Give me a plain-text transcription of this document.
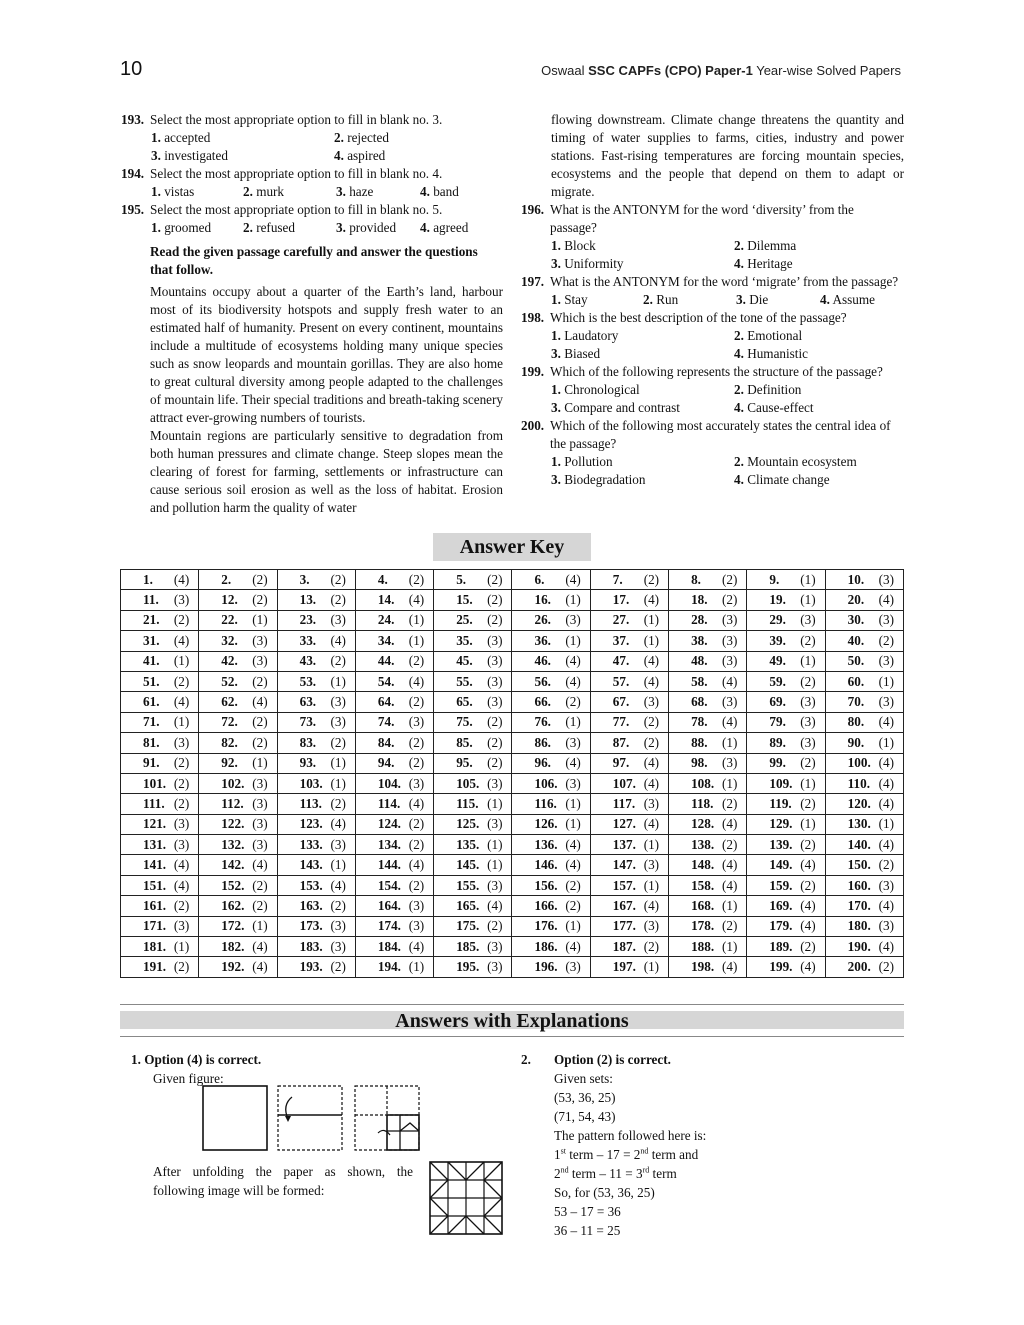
10	Oswaal SSC CAPFs (CPO) Paper-1 Year-wise Solved Papers
193. Select the most appropriate option to fill in blank no. 3.
1. accepted	2. rejected
3. investigated	4. aspired
194. Select the most appropriate option to fill in blank no. 4.
1. vistas	2. murk	3. haze	4. band
195. Select the most appropriate option to fill in blank no. 5.
1. groomed	2. refused	3. provided	4. agreed
Read the given passage carefully and answer the questions that follow.

Mountains occupy about a quarter of the Earth’s land, harbour most of its biodiversity hotspots and supply fresh water to an estimated half of humanity. Present on every continent, mountains include a multitude of ecosystems holding many unique species such as snow leopards and mountain gorillas. They are also home to great cultural diversity among people adapted to the challenges of mountain life. Their special traditions and breath-taking scenery attract ever-growing numbers of tourists.

Mountain regions are particularly sensitive to degradation from both human pressures and climate change. Steep slopes mean the clearing of forest for farming, settlements or infrastructure can cause serious soil erosion as well as the loss of habitat. Erosion and pollution harm the quality of water

flowing downstream. Climate change threatens the quantity and timing of water supplies to farms, cities, industry and power stations. Fast-rising temperatures are forcing mountain species, ecosystems and the people that depend on them to adapt or migrate.

196. What is the ANTONYM for the word ‘diversity’ from the passage?
1. Block	2. Dilemma
3. Uniformity	4. Heritage
197. What is the ANTONYM for the word ‘migrate’ from the passage?
1. Stay	2. Run	3. Die	4. Assume
198. Which is the best description of the tone of the passage?
1. Laudatory	2. Emotional
3. Biased	4. Humanistic
199. Which of the following represents the structure of the passage?
1. Chronological	2. Definition
3. Compare and contrast	4. Cause-effect
200. Which of the following most accurately states the central idea of the passage?
1. Pollution	2. Mountain ecosystem
3. Biodegradation	4. Climate change
Answer Key
1. (4)	2. (2)	3. (2)	4. (2)	5. (2)	6. (4)	7. (2)	8. (2)	9. (1)	10. (3)

11. (3)	12. (2)	13. (2)	14. (4)	15. (2)	16. (1)	17. (4)	18. (2)	19. (1)	20. (4)

21. (2)	22. (1)	23. (3)	24. (1)	25. (2)	26. (3)	27. (1)	28. (3)	29. (3)	30. (3)

31. (4)	32. (3)	33. (4)	34. (1)	35. (3)	36. (1)	37. (1)	38. (3)	39. (2)	40. (2)

41. (1)	42. (3)	43. (2)	44. (2)	45. (3)	46. (4)	47. (4)	48. (3)	49. (1)	50. (3)

51. (2)	52. (2)	53. (1)	54. (4)	55. (3)	56. (4)	57. (4)	58. (4)	59. (2)	60. (1)

61. (4)	62. (4)	63. (3)	64. (2)	65. (3)	66. (2)	67. (3)	68. (3)	69. (3)	70. (3)

71. (1)	72. (2)	73. (3)	74. (3)	75. (2)	76. (1)	77. (2)	78. (4)	79. (3)	80. (4)

81. (3)	82. (2)	83. (2)	84. (2)	85. (2)	86. (3)	87. (2)	88. (1)	89. (3)	90. (1)

91. (2)	92. (1)	93. (1)	94. (2)	95. (2)	96. (4)	97. (4)	98. (3)	99. (2)	100. (4)

101. (2)	102. (3)	103. (1)	104. (3)	105. (3)	106. (3)	107. (4)	108. (1)	109. (1)	110. (4)

111. (2)	112. (3)	113. (2)	114. (4)	115. (1)	116. (1)	117. (3)	118. (2)	119. (2)	120. (4)

121. (3)	122. (3)	123. (4)	124. (2)	125. (3)	126. (1)	127. (4)	128. (4)	129. (1)	130. (1)

131. (3)	132. (3)	133. (3)	134. (2)	135. (1)	136. (4)	137. (1)	138. (2)	139. (2)	140. (4)

141. (4)	142. (4)	143. (1)	144. (4)	145. (1)	146. (4)	147. (3)	148. (4)	149. (4)	150. (2)

151. (4)	152. (2)	153. (4)	154. (2)	155. (3)	156. (2)	157. (1)	158. (4)	159. (2)	160. (3)

161. (2)	162. (2)	163. (2)	164. (3)	165. (4)	166. (2)	167. (4)	168. (1)	169. (4)	170. (4)

171. (3)	172. (1)	173. (3)	174. (3)	175. (2)	176. (1)	177. (3)	178. (2)	179. (4)	180. (3)

181. (1)	182. (4)	183. (3)	184. (4)	185. (3)	186. (4)	187. (2)	188. (1)	189. (2)	190. (4)

191. (2)	192. (4)	193. (2)	194. (1)	195. (3)	196. (3)	197. (1)	198. (4)	199. (4)	200. (2)
Answers with Explanations
1. Option (4) is correct.
Given figure:
After unfolding the paper as shown, the following image will be formed:
2. Option (2) is correct.
Given sets:
(53, 36, 25)
(71, 54, 43)
The pattern followed here is:
1st term – 17 = 2nd term and
2nd term – 11 = 3rd term
So, for (53, 36, 25)
53 – 17 = 36
36 – 11 = 25
